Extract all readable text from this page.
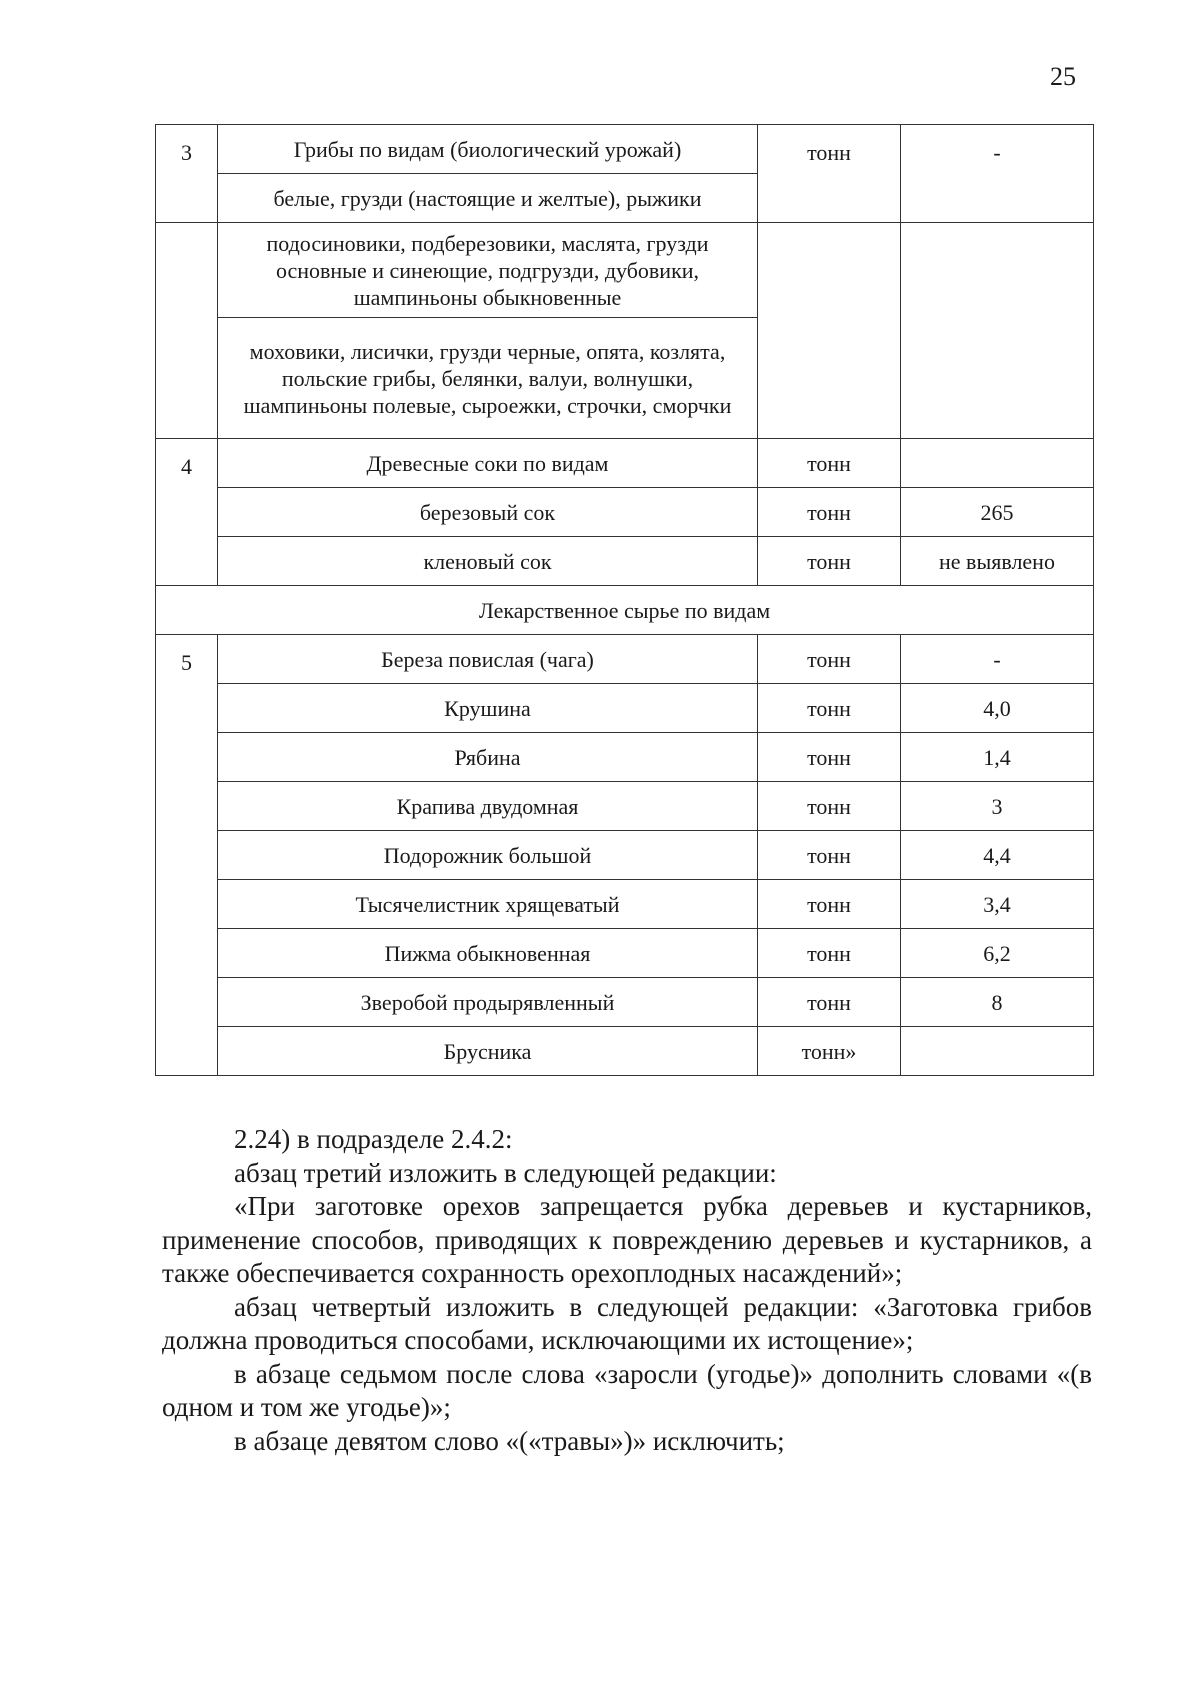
25
3	Грибы по видам (биологический урожай)	тонн	-
	белые, грузди (настоящие и желтые), рыжики		
	подосиновики, подберезовики, маслята, грузди основные и синеющие, подгрузди, дубовики, шампиньоны обыкновенные		
	моховики, лисички, грузди черные, опята, козлята, польские грибы, белянки, валуи, волнушки, шампиньоны полевые, сыроежки, строчки, сморчки		
4	Древесные соки по видам	тонн	
	березовый сок	тонн	265
	кленовый сок	тонн	не выявлено
Лекарственное сырье по видам			
5	Береза повислая (чага)	тонн	-
	Крушина	тонн	4,0
	Рябина	тонн	1,4
	Крапива двудомная	тонн	3
	Подорожник большой	тонн	4,4
	Тысячелистник хрящеватый	тонн	3,4
	Пижма обыкновенная	тонн	6,2
	Зверобой продырявленный	тонн	8
	Брусника	тонн»	

2.24) в подразделе 2.4.2:

абзац третий изложить в следующей редакции:

«При заготовке орехов запрещается рубка деревьев и кустарников, применение способов, приводящих к повреждению деревьев и кустарников, а также обеспечивается сохранность орехоплодных насаждений»;

абзац четвертый изложить в следующей редакции: «Заготовка грибов должна проводиться способами, исключающими их истощение»;

в абзаце седьмом после слова «заросли (угодье)» дополнить словами «(в одном и том же угодье)»;

в абзаце девятом слово «(«травы»)» исключить;
